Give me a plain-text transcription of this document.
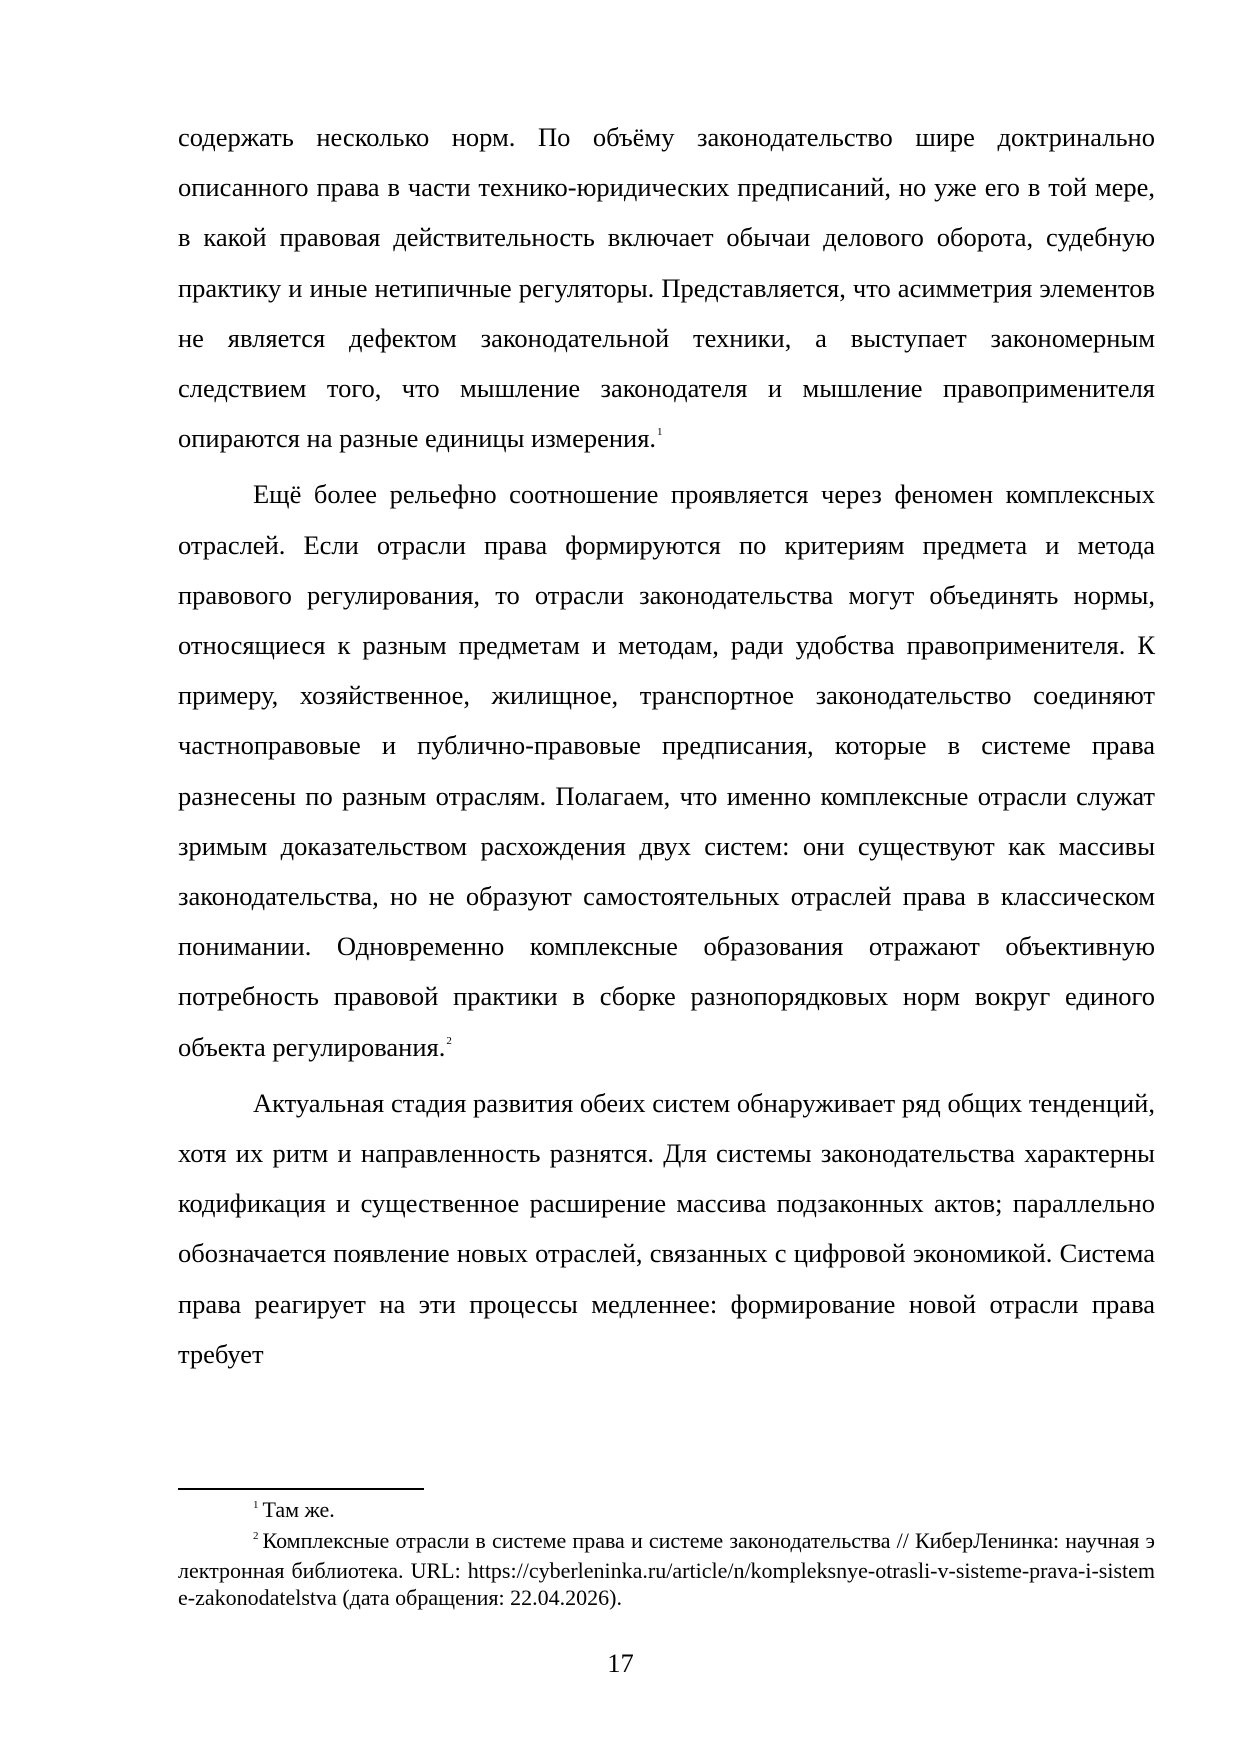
содержать несколько норм. По объёму законодательство шире доктринально описанного права в части технико-юридических предписаний, но уже его в той мере, в какой правовая действительность включает обычаи делового оборота, судебную практику и иные нетипичные регуляторы. Представляется, что асимметрия элементов не является дефектом законодательной техники, а выступает закономерным следствием того, что мышление законодателя и мышление правоприменителя опираются на разные единицы измерения.$^1$

Ещё более рельефно соотношение проявляется через феномен комплексных отраслей. Если отрасли права формируются по критериям предмета и метода правового регулирования, то отрасли законодательства могут объединять нормы, относящиеся к разным предметам и методам, ради удобства правоприменителя. К примеру, хозяйственное, жилищное, транспортное законодательство соединяют частноправовые и публично-правовые предписания, которые в системе права разнесены по разным отраслям. Полагаем, что именно комплексные отрасли служат зримым доказательством расхождения двух систем: они существуют как массивы законодательства, но не образуют самостоятельных отраслей права в классическом понимании. Одновременно комплексные образования отражают объективную потребность правовой практики в сборке разнопорядковых норм вокруг единого объекта регулирования.$^2$

Актуальная стадия развития обеих систем обнаруживает ряд общих тенденций, хотя их ритм и направленность разнятся. Для системы законодательства характерны кодификация и существенное расширение массива подзаконных актов; параллельно обозначается появление новых отраслей, связанных с цифровой экономикой. Система права реагирует на эти процессы медленнее: формирование новой отрасли права требует

$^1$ Там же.

$^2$ Комплексные отрасли в системе права и системе законодательства // КиберЛенинка: научная электронная библиотека. URL: https://cyberleninka.ru/article/n/kompleksnye-otrasli-v-sisteme-prava-i-sisteme-zakonodatelstva (дата обращения: 22.04.2026).

17
